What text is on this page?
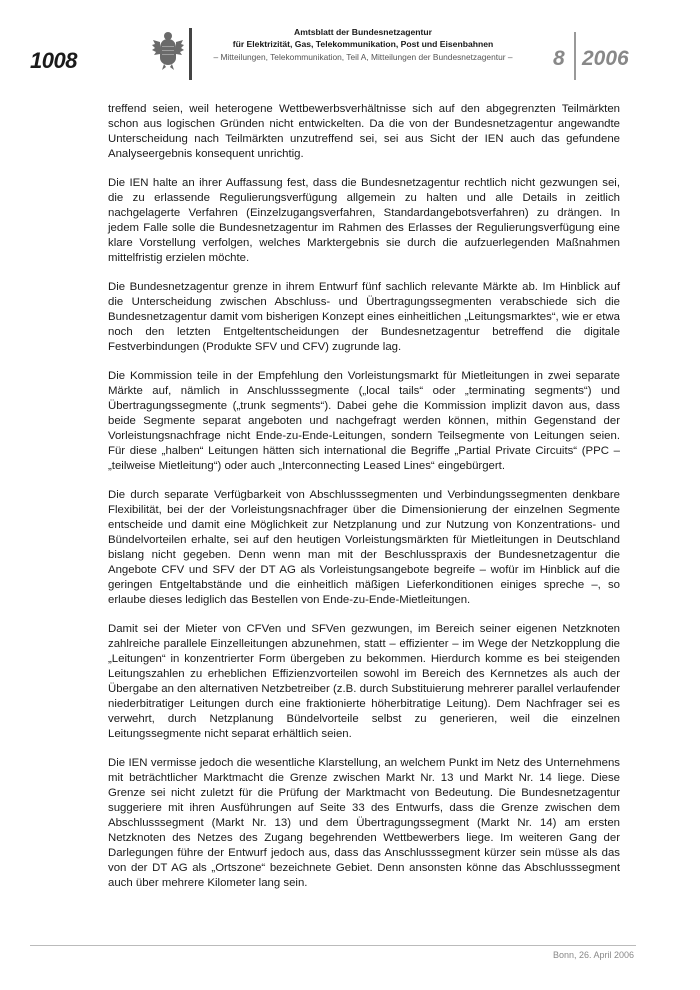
1008
Amtsblatt der Bundesnetzagentur
für Elektrizität, Gas, Telekommunikation, Post und Eisenbahnen
– Mitteilungen, Telekommunikation, Teil A, Mitteilungen der Bundesnetzagentur –	8 2006

treffend seien, weil heterogene Wettbewerbsverhältnisse sich auf den abgegrenzten Teilmärkten schon aus logischen Gründen nicht entwickelten. Da die von der Bundesnetzagentur angewandte Unterscheidung nach Teilmärkten unzutreffend sei, sei aus Sicht der IEN auch das gefundene Analyseergebnis konsequent unrichtig.

Die IEN halte an ihrer Auffassung fest, dass die Bundesnetzagentur rechtlich nicht gezwungen sei, die zu erlassende Regulierungsverfügung allgemein zu halten und alle Details in zeitlich nachgelagerte Verfahren (Einzelzugangsverfahren, Standardangebotsverfahren) zu drängen. In jedem Falle solle die Bundesnetzagentur im Rahmen des Erlasses der Regulierungsverfügung eine klare Vorstellung verfolgen, welches Marktergebnis sie durch die aufzuerlegenden Maßnahmen mittelfristig erzielen möchte.

Die Bundesnetzagentur grenze in ihrem Entwurf fünf sachlich relevante Märkte ab. Im Hinblick auf die Unterscheidung zwischen Abschluss- und Übertragungssegmenten verabschiede sich die Bundesnetzagentur damit vom bisherigen Konzept eines einheitlichen „Leitungsmarktes“, wie er etwa noch den letzten Entgeltentscheidungen der Bundesnetzagentur betreffend die digitale Festverbindungen (Produkte SFV und CFV) zugrunde lag.

Die Kommission teile in der Empfehlung den Vorleistungsmarkt für Mietleitungen in zwei separate Märkte auf, nämlich in Anschlusssegmente („local tails“ oder „terminating segments“) und Übertragungssegmente („trunk segments“). Dabei gehe die Kommission implizit davon aus, dass beide Segmente separat angeboten und nachgefragt werden können, mithin Gegenstand der Vorleistungsnachfrage nicht Ende-zu-Ende-Leitungen, sondern Teilsegmente von Leitungen seien. Für diese „halben“ Leitungen hätten sich international die Begriffe „Partial Private Circuits“ (PPC – „teilweise Mietleitung“) oder auch „Interconnecting Leased Lines“ eingebürgert.

Die durch separate Verfügbarkeit von Abschlusssegmenten und Verbindungssegmenten denkbare Flexibilität, bei der der Vorleistungsnachfrager über die Dimensionierung der einzelnen Segmente entscheide und damit eine Möglichkeit zur Netzplanung und zur Nutzung von Konzentrations- und Bündelvorteilen erhalte, sei auf den heutigen Vorleistungsmärkten für Mietleitungen in Deutschland bislang nicht gegeben. Denn wenn man mit der Beschlusspraxis der Bundesnetzagentur die Angebote CFV und SFV der DT AG als Vorleistungsangebote begreife – wofür im Hinblick auf die geringen Entgeltabstände und die einheitlich mäßigen Lieferkonditionen einiges spreche –, so erlaube dieses lediglich das Bestellen von Ende-zu-Ende-Mietleitungen.

Damit sei der Mieter von CFVen und SFVen gezwungen, im Bereich seiner eigenen Netzknoten zahlreiche parallele Einzelleitungen abzunehmen, statt – effizienter – im Wege der Netzkopplung die „Leitungen“ in konzentrierter Form übergeben zu bekommen. Hierdurch komme es bei steigenden Leitungszahlen zu erheblichen Effizienzvorteilen sowohl im Bereich des Kernnetzes als auch der Übergabe an den alternativen Netzbetreiber (z.B. durch Substituierung mehrerer parallel verlaufender niederbitratiger Leitungen durch eine fraktionierte höherbitratige Leitung). Dem Nachfrager sei es verwehrt, durch Netzplanung Bündelvorteile selbst zu generieren, weil die einzelnen Leitungssegmente nicht separat erhältlich seien.

Die IEN vermisse jedoch die wesentliche Klarstellung, an welchem Punkt im Netz des Unternehmens mit beträchtlicher Marktmacht die Grenze zwischen Markt Nr. 13 und Markt Nr. 14 liege. Diese Grenze sei nicht zuletzt für die Prüfung der Marktmacht von Bedeutung. Die Bundesnetzagentur suggeriere mit ihren Ausführungen auf Seite 33 des Entwurfs, dass die Grenze zwischen dem Abschlusssegment (Markt Nr. 13) und dem Übertragungssegment (Markt Nr. 14) am ersten Netzknoten des Netzes des Zugang begehrenden Wettbewerbers liege. Im weiteren Gang der Darlegungen führe der Entwurf jedoch aus, dass das Anschlusssegment kürzer sein müsse als das von der DT AG als „Ortszone“ bezeichnete Gebiet. Denn ansonsten könne das Abschlusssegment auch über mehrere Kilometer lang sein.

Bonn, 26. April 2006
